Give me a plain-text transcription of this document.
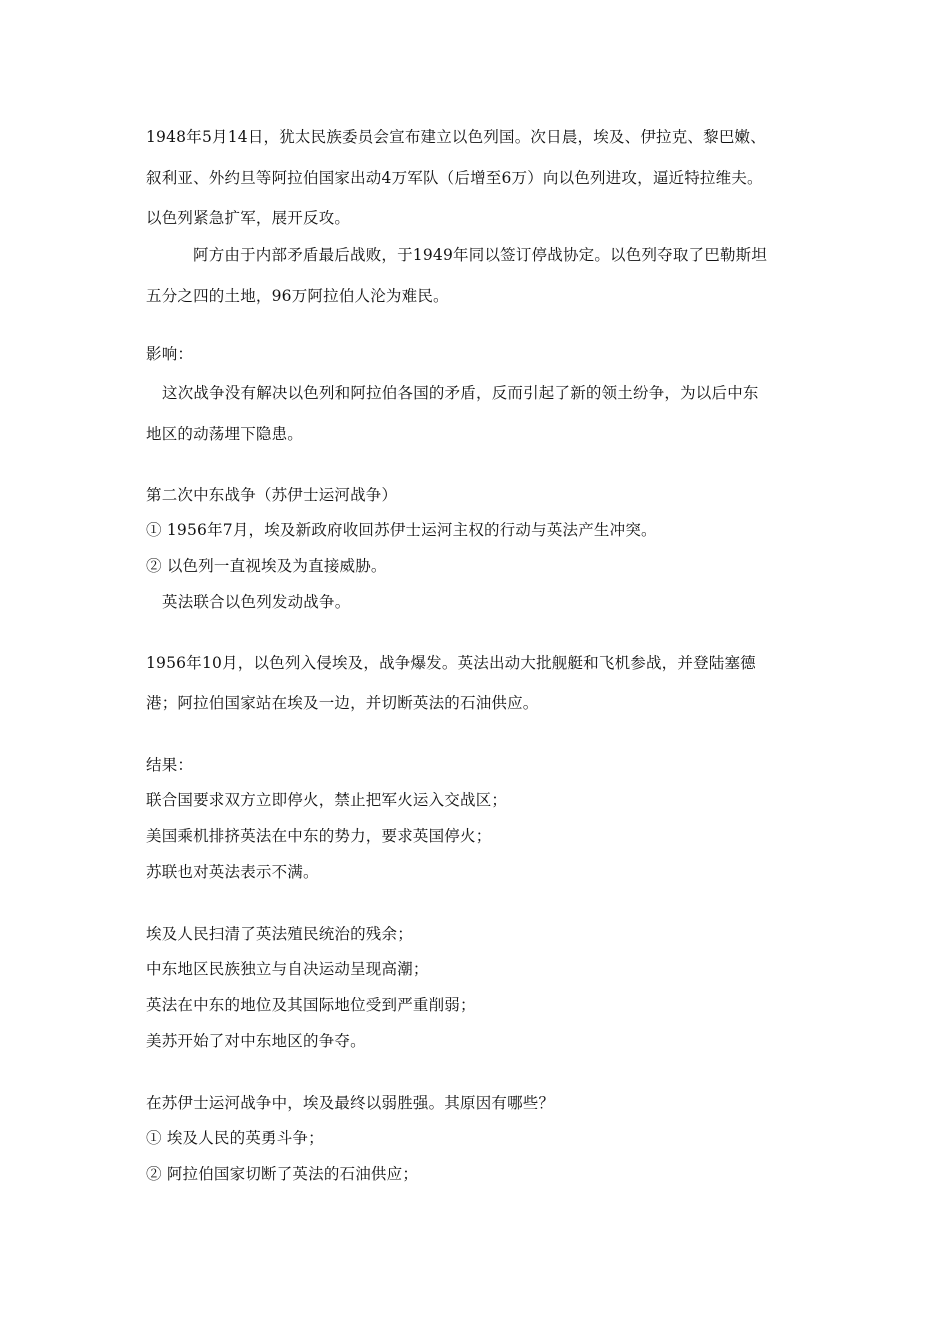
1948年5月14日，犹太民族委员会宣布建立以色列国。次日晨，埃及、伊拉克、黎巴嫩、
叙利亚、外约旦等阿拉伯国家出动4万军队（后增至6万）向以色列进攻，逼近特拉维夫。
以色列紧急扩军，展开反攻。
阿方由于内部矛盾最后战败，于1949年同以签订停战协定。以色列夺取了巴勒斯坦
五分之四的土地，96万阿拉伯人沦为难民。
影响：
这次战争没有解决以色列和阿拉伯各国的矛盾，反而引起了新的领土纷争，为以后中东
地区的动荡埋下隐患。
第二次中东战争（苏伊士运河战争）
① 1956年7月，埃及新政府收回苏伊士运河主权的行动与英法产生冲突。
② 以色列一直视埃及为直接威胁。
英法联合以色列发动战争。
1956年10月，以色列入侵埃及，战争爆发。英法出动大批舰艇和飞机参战，并登陆塞德
港；阿拉伯国家站在埃及一边，并切断英法的石油供应。
结果：
联合国要求双方立即停火，禁止把军火运入交战区；
美国乘机排挤英法在中东的势力，要求英国停火；
苏联也对英法表示不满。
埃及人民扫清了英法殖民统治的残余；
中东地区民族独立与自决运动呈现高潮；
英法在中东的地位及其国际地位受到严重削弱；
美苏开始了对中东地区的争夺。
在苏伊士运河战争中，埃及最终以弱胜强。其原因有哪些？
① 埃及人民的英勇斗争；
② 阿拉伯国家切断了英法的石油供应；
